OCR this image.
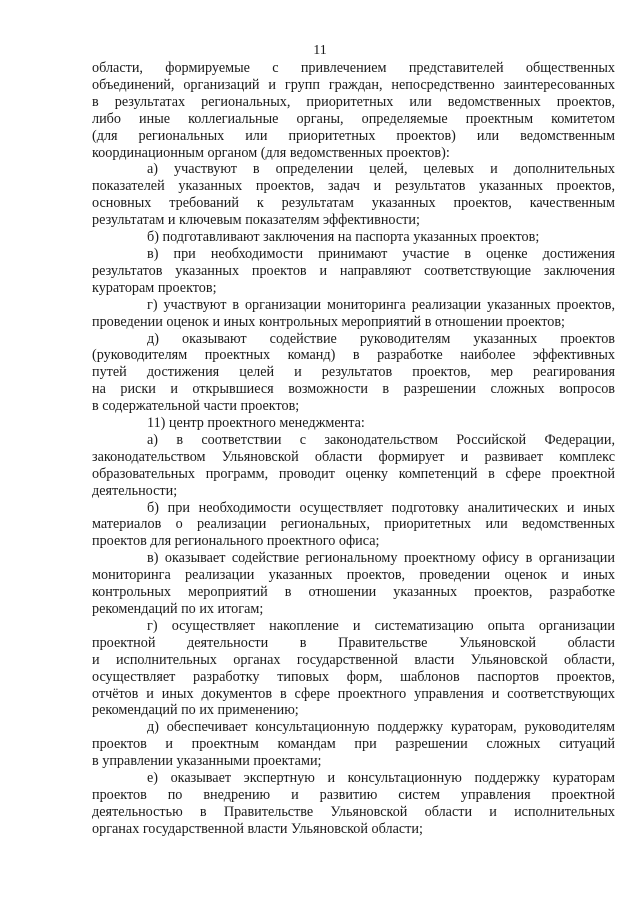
11
области, формируемые с привлечением представителей общественных
объединений, организаций и групп граждан, непосредственно заинтересованных
в результатах региональных, приоритетных или ведомственных проектов,
либо иные коллегиальные органы, определяемые проектным комитетом
(для региональных или приоритетных проектов) или ведомственным
координационным органом (для ведомственных проектов):
а) участвуют в определении целей, целевых и дополнительных
показателей указанных проектов, задач и результатов указанных проектов,
основных требований к результатам указанных проектов, качественным
результатам и ключевым показателям эффективности;
б) подготавливают заключения на паспорта указанных проектов;
в) при необходимости принимают участие в оценке достижения
результатов указанных проектов и направляют соответствующие заключения
кураторам проектов;
г) участвуют в организации мониторинга реализации указанных проектов,
проведении оценок и иных контрольных мероприятий в отношении проектов;
д) оказывают содействие руководителям указанных проектов
(руководителям проектных команд) в разработке наиболее эффективных
путей достижения целей и результатов проектов, мер реагирования
на риски и открывшиеся возможности в разрешении сложных вопросов
в содержательной части проектов;
11) центр проектного менеджмента:
а) в соответствии с законодательством Российской Федерации,
законодательством Ульяновской области формирует и развивает комплекс
образовательных программ, проводит оценку компетенций в сфере проектной
деятельности;
б) при необходимости осуществляет подготовку аналитических и иных
материалов о реализации региональных, приоритетных или ведомственных
проектов для регионального проектного офиса;
в) оказывает содействие региональному проектному офису в организации
мониторинга реализации указанных проектов, проведении оценок и иных
контрольных мероприятий в отношении указанных проектов, разработке
рекомендаций по их итогам;
г) осуществляет накопление и систематизацию опыта организации
проектной деятельности в Правительстве Ульяновской области
и исполнительных органах государственной власти Ульяновской области,
осуществляет разработку типовых форм, шаблонов паспортов проектов,
отчётов и иных документов в сфере проектного управления и соответствующих
рекомендаций по их применению;
д) обеспечивает консультационную поддержку кураторам, руководителям
проектов и проектным командам при разрешении сложных ситуаций
в управлении указанными проектами;
е) оказывает экспертную и консультационную поддержку кураторам
проектов по внедрению и развитию систем управления проектной
деятельностью в Правительстве Ульяновской области и исполнительных
органах государственной власти Ульяновской области;
